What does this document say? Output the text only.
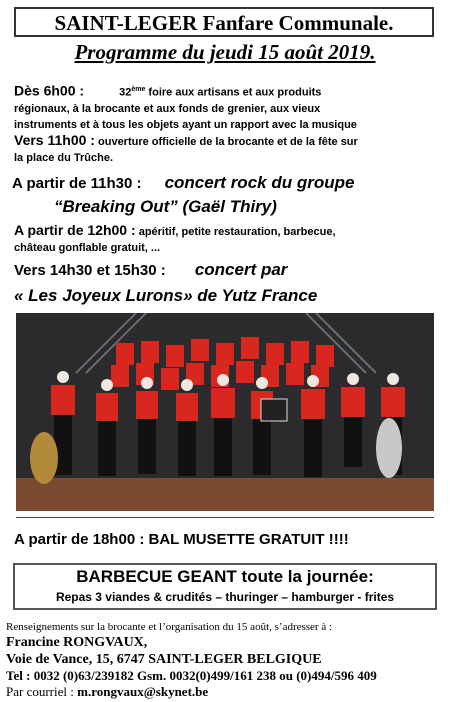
SAINT-LEGER Fanfare Communale.
Programme du jeudi 15 août 2019.
Dès 6h00 :	32ème foire aux artisans et aux produits
régionaux, à la brocante et aux fonds de grenier, aux vieux
instruments et à tous les objets ayant un rapport avec la musique
Vers 11h00 : ouverture officielle de la brocante et de la fête sur
la place du Trûche.
A partir de 11h30 : concert rock du groupe
“Breaking Out” (Gaël Thiry)
A partir de 12h00 : apéritif, petite restauration, barbecue,
château gonflable gratuit, ...
Vers 14h30 et 15h30 : concert par
« Les Joyeux Lurons» de Yutz France
A partir de 18h00 : BAL MUSETTE GRATUIT !!!!
BARBECUE GEANT toute la journée:
Repas 3 viandes & crudités – thuringer – hamburger - frites
Renseignements sur la brocante et l’organisation du 15 août, s’adresser à :
Francine RONGVAUX,
Voie de Vance, 15, 6747 SAINT-LEGER BELGIQUE
Tel : 0032 (0)63/239182 Gsm. 0032(0)499/161 238 ou (0)494/596 409
Par courriel : m.rongvaux@skynet.be
